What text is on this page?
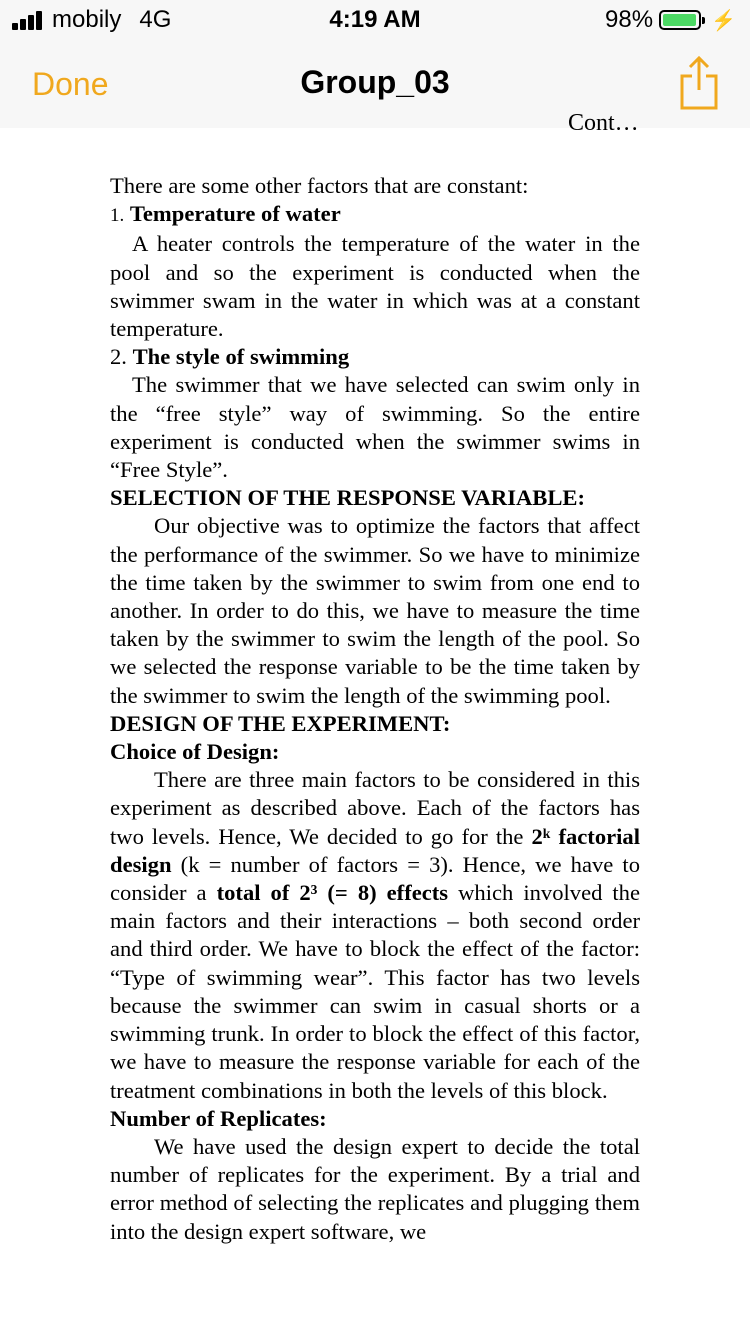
mobily 4G	4:19 AM	98%	⚡
Done	Group_03
Cont…

There are some other factors that are constant:

1. Temperature of water

A heater controls the temperature of the water in the pool and so the experiment is conducted when the swimmer swam in the water in which was at a constant temperature.

2. The style of swimming

The swimmer that we have selected can swim only in the “free style” way of swimming. So the entire experiment is conducted when the swimmer swims in “Free Style”.

SELECTION OF THE RESPONSE VARIABLE:

Our objective was to optimize the factors that affect the performance of the swimmer. So we have to minimize the time taken by the swimmer to swim from one end to another. In order to do this, we have to measure the time taken by the swimmer to swim the length of the pool. So we selected the response variable to be the time taken by the swimmer to swim the length of the swimming pool.

DESIGN OF THE EXPERIMENT:

Choice of Design:

There are three main factors to be considered in this experiment as described above. Each of the factors has two levels. Hence, We decided to go for the 2ᵏ factorial design (k = number of factors = 3). Hence, we have to consider a total of 2³ (= 8) effects which involved the main factors and their interactions – both second order and third order. We have to block the effect of the factor: “Type of swimming wear”. This factor has two levels because the swimmer can swim in casual shorts or a swimming trunk. In order to block the effect of this factor, we have to measure the response variable for each of the treatment combinations in both the levels of this block.

Number of Replicates:

We have used the design expert to decide the total number of replicates for the experiment. By a trial and error method of selecting the replicates and plugging them into the design expert software, we
